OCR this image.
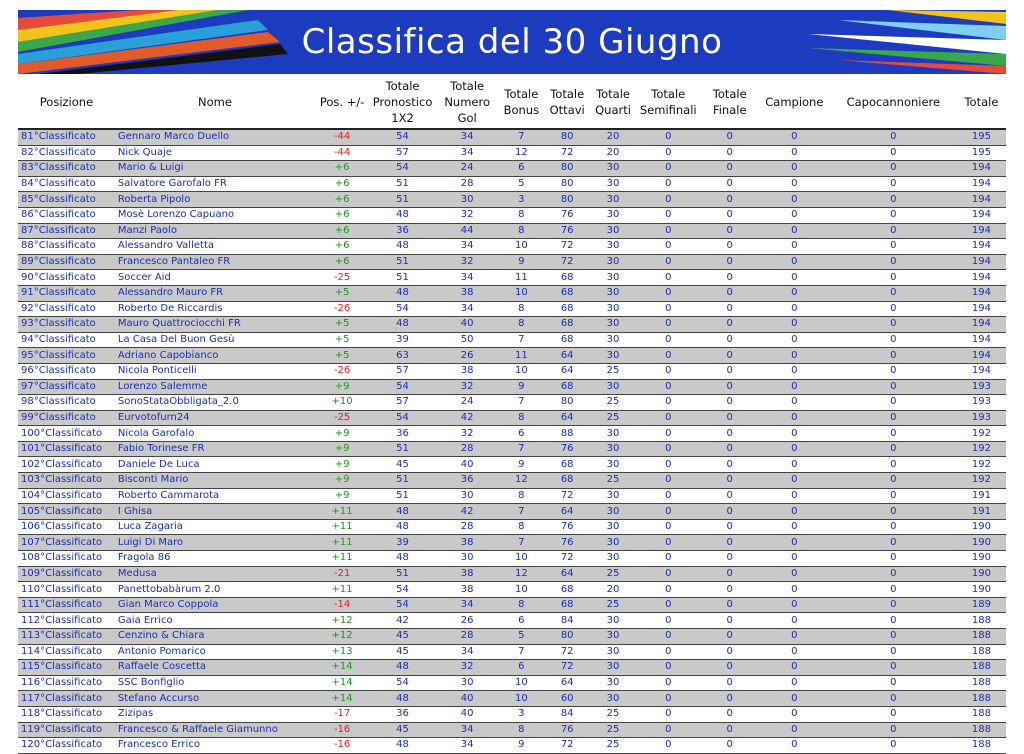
Classifica del 30 Giugno
Posizione	Nome	Pos. +/-	Totale Pronostico 1X2	Totale Numero Gol	Totale Bonus	Totale Ottavi	Totale Quarti	Totale Semifinali	Totale Finale	Campione	Capocannoniere	Totale
81°Classificato	Gennaro Marco Duello	-44	54	34	7	80	20	0	0	0	0	195
82°Classificato	Nick Quaje	-44	57	34	12	72	20	0	0	0	0	195
83°Classificato	Mario & Luigi	+6	54	24	6	80	30	0	0	0	0	194
84°Classificato	Salvatore Garofalo FR	+6	51	28	5	80	30	0	0	0	0	194
85°Classificato	Roberta Pipolo	+6	51	30	3	80	30	0	0	0	0	194
86°Classificato	Mosè Lorenzo Capuano	+6	48	32	8	76	30	0	0	0	0	194
87°Classificato	Manzi Paolo	+6	36	44	8	76	30	0	0	0	0	194
88°Classificato	Alessandro Valletta	+6	48	34	10	72	30	0	0	0	0	194
89°Classificato	Francesco Pantaleo FR	+6	51	32	9	72	30	0	0	0	0	194
90°Classificato	Soccer Aid	-25	51	34	11	68	30	0	0	0	0	194
91°Classificato	Alessandro Mauro FR	+5	48	38	10	68	30	0	0	0	0	194
92°Classificato	Roberto De Riccardis	-26	54	34	8	68	30	0	0	0	0	194
93°Classificato	Mauro Quattrociocchi FR	+5	48	40	8	68	30	0	0	0	0	194
94°Classificato	La Casa Del Buon Gesù	+5	39	50	7	68	30	0	0	0	0	194
95°Classificato	Adriano Capobianco	+5	63	26	11	64	30	0	0	0	0	194
96°Classificato	Nicola Ponticelli	-26	57	38	10	64	25	0	0	0	0	194
97°Classificato	Lorenzo Salemme	+9	54	32	9	68	30	0	0	0	0	193
98°Classificato	SonoStataObbligata_2.0	+10	57	24	7	80	25	0	0	0	0	193
99°Classificato	Eurvotofurn24	-25	54	42	8	64	25	0	0	0	0	193
100°Classificato	Nicola Garofalo	+9	36	32	6	88	30	0	0	0	0	192
101°Classificato	Fabio Torinese FR	+9	51	28	7	76	30	0	0	0	0	192
102°Classificato	Daniele De Luca	+9	45	40	9	68	30	0	0	0	0	192
103°Classificato	Bisconti Mario	+9	51	36	12	68	25	0	0	0	0	192
104°Classificato	Roberto Cammarota	+9	51	30	8	72	30	0	0	0	0	191
105°Classificato	I Ghisa	+11	48	42	7	64	30	0	0	0	0	191
106°Classificato	Luca Zagaria	+11	48	28	8	76	30	0	0	0	0	190
107°Classificato	Luigi Di Maro	+11	39	38	7	76	30	0	0	0	0	190
108°Classificato	Fragola 86	+11	48	30	10	72	30	0	0	0	0	190
109°Classificato	Medusa	-21	51	38	12	64	25	0	0	0	0	190
110°Classificato	Panettobabàrum 2.0	+11	54	38	10	68	20	0	0	0	0	190
111°Classificato	Gian Marco Coppola	-14	54	34	8	68	25	0	0	0	0	189
112°Classificato	Gaia Errico	+12	42	26	6	84	30	0	0	0	0	188
113°Classificato	Cenzino & Chiara	+12	45	28	5	80	30	0	0	0	0	188
114°Classificato	Antonio Pomarico	+13	45	34	7	72	30	0	0	0	0	188
115°Classificato	Raffaele Coscetta	+14	48	32	6	72	30	0	0	0	0	188
116°Classificato	SSC Bonfiglio	+14	54	30	10	64	30	0	0	0	0	188
117°Classificato	Stefano Accurso	+14	48	40	10	60	30	0	0	0	0	188
118°Classificato	Zizipas	-17	36	40	3	84	25	0	0	0	0	188
119°Classificato	Francesco & Raffaele Giamunno	-16	45	34	8	76	25	0	0	0	0	188
120°Classificato	Francesco Errico	-16	48	34	9	72	25	0	0	0	0	188
